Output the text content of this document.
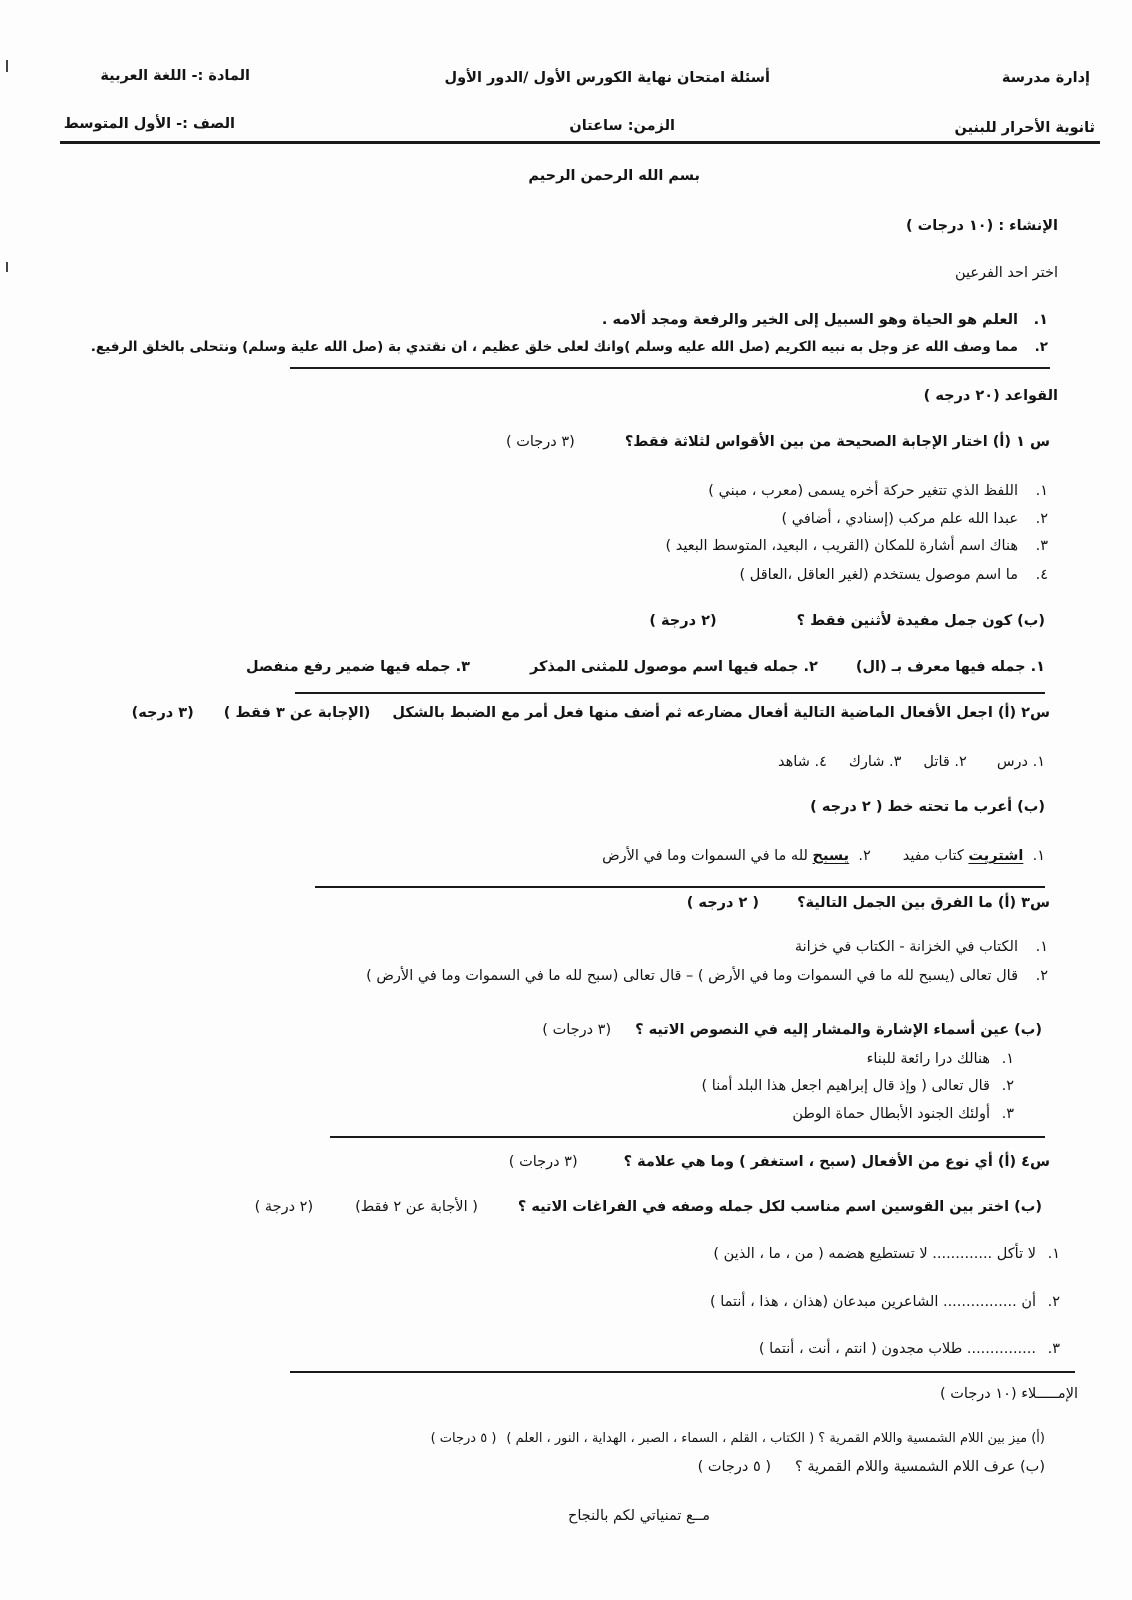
إدارة مدرسة
أسئلة امتحان نهاية الكورس الأول /الدور الأول
المادة :- اللغة العربية
ثانوية الأحرار للبنين
الزمن: ساعتان
الصف :- الأول المتوسط
بسم الله الرحمن الرحيم
الإنشاء : (١٠ درجات )
اختر احد الفرعين
١.
العلم هو الحياة وهو السبيل إلى الخير والرفعة ومجد ألامه .
٢.
مما وصف الله عز وجل به نبيه الكريم (صل الله عليه وسلم )وانك لعلى خلق عظيم ، ان نقتدي بة (صل الله علية وسلم) ونتحلى بالخلق الرفيع.
القواعد (٢٠ درجه )
س ١ (أ) اختار الإجابة الصحيحة من بين الأقواس لثلاثة فقط؟
(٣ درجات )
١.
اللفظ الذي تتغير حركة أخره يسمى (معرب ، مبني )
٢.
عبدا الله علم مركب (إسنادي ، أضافي )
٣.
هناك اسم أشارة للمكان (القريب ، البعيد، المتوسط البعيد )
٤.
ما اسم موصول يستخدم (لغير العاقل ،العاقل )
(ب) كون جمل مفيدة لأثنين فقط ؟
(٢ درجة )
١. جمله فيها معرف بـ (ال)
٢. جمله فيها اسم موصول للمثنى المذكر
٣. جمله فيها ضمير رفع منفصل
س٢ (أ) اجعل الأفعال الماضية التالية أفعال مضارعه ثم أضف منها فعل أمر مع الضبط بالشكل
(الإجابة عن ٣ فقط )
(٣ درجه)
١. درس
٢. قاتل
٣. شارك
٤. شاهد
(ب) أعرب ما تحته خط ( ٢ درجه )
١.  اشتريت كتاب مفيد
٢.  يسبح لله ما في السموات وما في الأرض
س٣ (أ) ما الفرق بين الجمل التالية؟
( ٢ درجه )
١.
الكتاب في الخزانة - الكتاب في خزانة
٢.
قال تعالى (يسبح لله ما في السموات وما في الأرض ) – قال تعالى (سبح لله ما في السموات وما في الأرض )
(ب) عين أسماء الإشارة والمشار إليه في النصوص الاتيه ؟
(٣ درجات )
١.
هنالك درا رائعة للبناء
٢.
قال تعالى ( وإذ قال إبراهيم اجعل هذا البلد أمنا )
٣.
أولئك الجنود الأبطال حماة الوطن
س٤ (أ) أي نوع من الأفعال (سبح ، استغفر ) وما هي علامة ؟
(٣ درجات )
(ب) اختر بين القوسين اسم مناسب لكل جمله وصفه في الفراغات الاتيه ؟
( الأجابة عن ٢ فقط)
(٢ درجة )
١.
لا تأكل ............. لا تستطيع هضمه ( من ، ما ، الذين )
٢.
أن ................ الشاعرين مبدعان (هذان ، هذا ، أنتما )
٣.
............... طلاب مجدون ( انتم ، أنت ، أنتما )
الإمـــــلاء (١٠ درجات )
(أ) ميز بين اللام الشمسية واللام القمرية ؟ ( الكتاب ، القلم ، السماء ، الصبر ، الهداية ، النور ، العلم )
( ٥ درجات )
(ب) عرف اللام الشمسية واللام القمرية ؟
( ٥ درجات )
مــع تمنياتي لكم بالنجاح
